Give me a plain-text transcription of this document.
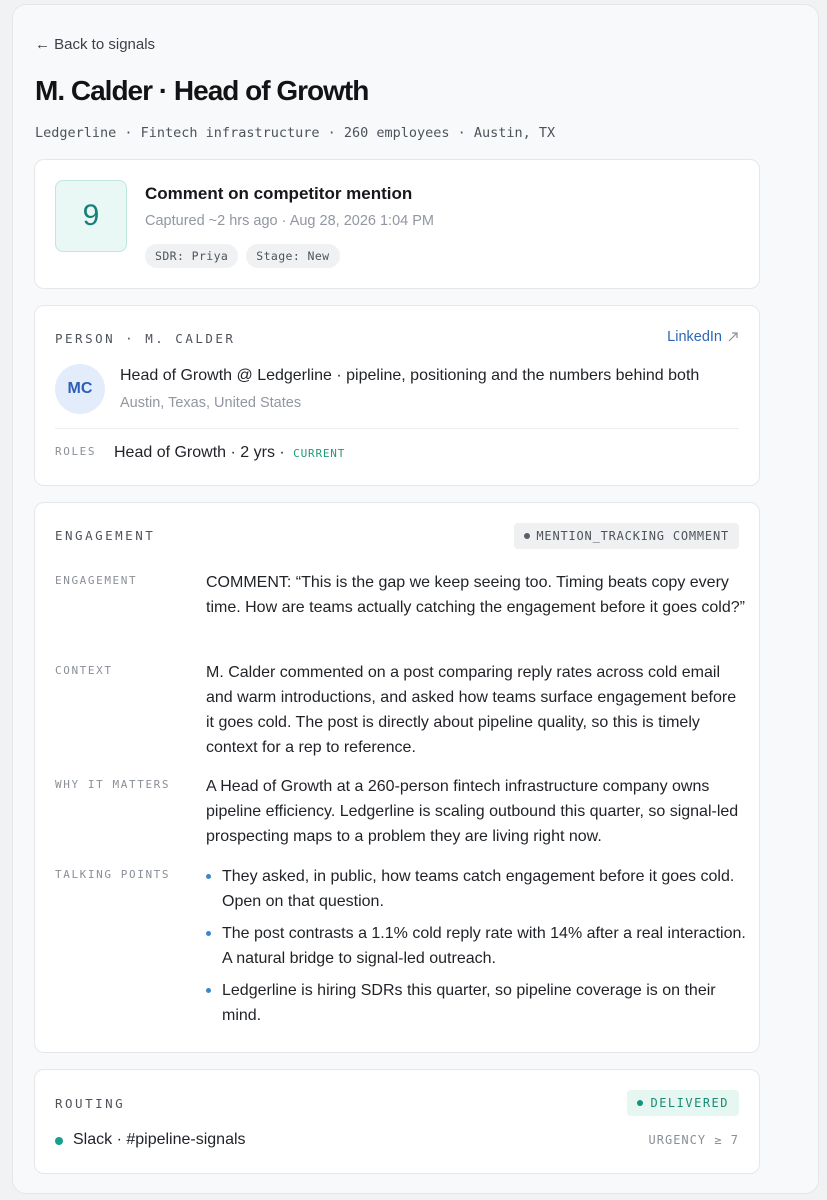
← Back to signals
M. Calder · Head of Growth
Ledgerline · Fintech infrastructure · 260 employees · Austin, TX
9
Comment on competitor mention
Captured ~2 hrs ago · Aug 28, 2026 1:04 PM
SDR: Priya	Stage: New
PERSON · M. CALDER	LinkedIn
MC
Head of Growth @ Ledgerline · pipeline, positioning and the numbers behind both
Austin, Texas, United States
ROLES Head of Growth · 2 yrs · CURRENT
ENGAGEMENT	MENTION_TRACKING COMMENT
ENGAGEMENT	COMMENT: “This is the gap we keep seeing too. Timing beats copy every time. How are teams actually catching the engagement before it goes cold?”
CONTEXT	M. Calder commented on a post comparing reply rates across cold email and warm introductions, and asked how teams surface engagement before it goes cold. The post is directly about pipeline quality, so this is timely context for a rep to reference.
WHY IT MATTERS A Head of Growth at a 260-person fintech infrastructure company owns pipeline efficiency. Ledgerline is scaling outbound this quarter, so signal-led prospecting maps to a problem they are living right now.
TALKING POINTS	They asked, in public, how teams catch engagement before it goes cold. Open on that question.
The post contrasts a 1.1% cold reply rate with 14% after a real interaction. A natural bridge to signal-led outreach.
Ledgerline is hiring SDRs this quarter, so pipeline coverage is on their mind.
ROUTING	DELIVERED
Slack · #pipeline-signals	URGENCY ≥ 7
